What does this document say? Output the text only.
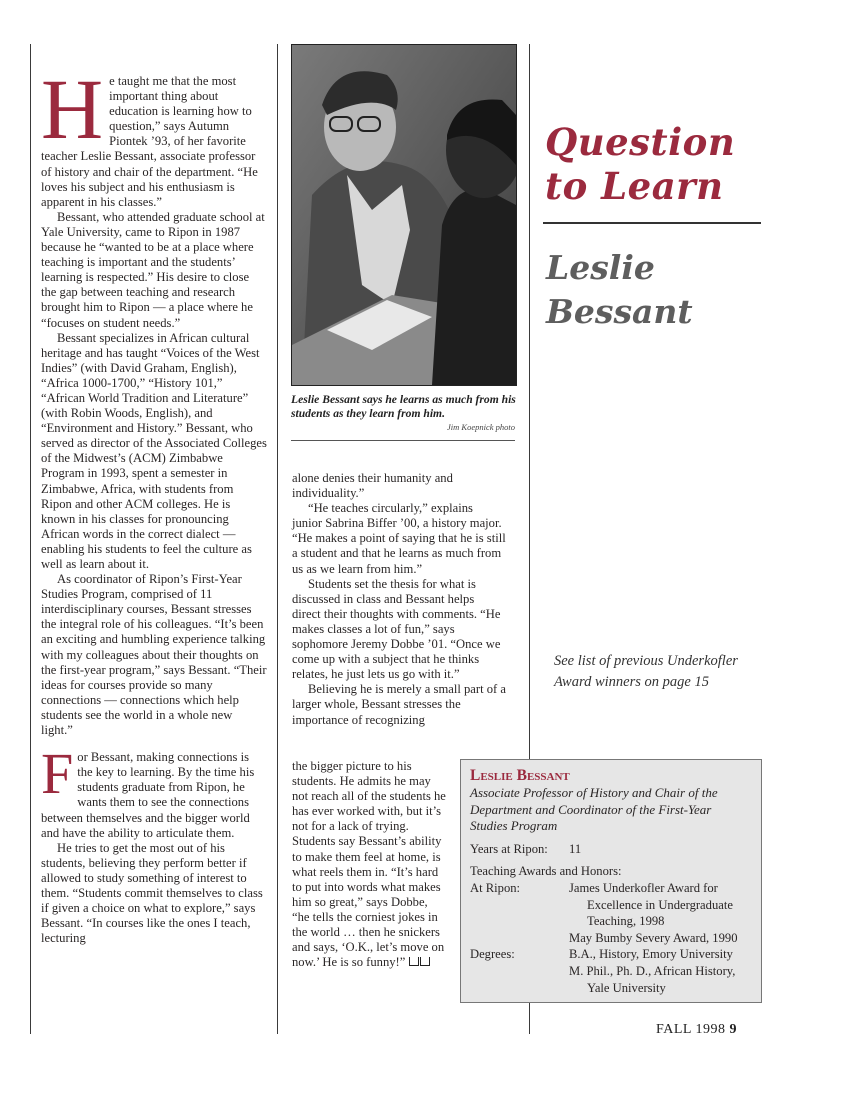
He taught me that the most important thing about education is learning how to question,” says Autumn Piontek ’93, of her favorite teacher Leslie Bessant, associate professor of history and chair of the department. “He loves his subject and his enthusiasm is apparent in his classes.”

Bessant, who attended graduate school at Yale University, came to Ripon in 1987 because he “wanted to be at a place where teaching is important and the students’ learning is respected.” His desire to close the gap between teaching and research brought him to Ripon — a place where he “focuses on student needs.”

Bessant specializes in African cultural heritage and has taught “Voices of the West Indies” (with David Graham, English), “Africa 1000-1700,” “History 101,” “African World Tradition and Literature” (with Robin Woods, English), and “Environment and History.” Bessant, who served as director of the Associated Colleges of the Midwest’s (ACM) Zimbabwe Program in 1993, spent a semester in Zimbabwe, Africa, with students from Ripon and other ACM colleges. He is known in his classes for pronouncing African words in the correct dialect — enabling his students to feel the culture as well as learn about it.

As coordinator of Ripon’s First-Year Studies Program, comprised of 11 interdisciplinary courses, Bessant stresses the integral role of his colleagues. “It’s been an exciting and humbling experience talking with my colleagues about their thoughts on the first-year program,” says Bessant. “Their ideas for courses provide so many connections — connections which help students see the world in a whole new light.”

For Bessant, making connections is the key to learning. By the time his students graduate from Ripon, he wants them to see the connections between themselves and the bigger world and have the ability to articulate them.

He tries to get the most out of his students, believing they perform better if allowed to study something of interest to them. “Students commit themselves to class if given a choice on what to explore,” says Bessant. “In courses like the ones I teach, lecturing

Leslie Bessant says he learns as much from his students as they learn from him.
Jim Koepnick photo

alone denies their humanity and individuality.”

“He teaches circularly,” explains junior Sabrina Biffer ’00, a history major. “He makes a point of saying that he is still a student and that he learns as much from us as we learn from him.”

Students set the thesis for what is discussed in class and Bessant helps direct their thoughts with comments. “He makes classes a lot of fun,” says sophomore Jeremy Dobbe ’01. “Once we come up with a subject that he thinks relates, he just lets us go with it.”

Believing he is merely a small part of a larger whole, Bessant stresses the importance of recognizing

the bigger picture to his students. He admits he may not reach all of the students he has ever worked with, but it’s not for a lack of trying. Students say Bessant’s ability to make them feel at home, is what reels them in. “It’s hard to put into words what makes him so great,” says Dobbe, “he tells the corniest jokes in the world … then he snickers and says, ‘O.K., let’s move on now.’ He is so funny!”

Question
to Learn
Leslie
Bessant
See list of previous Underkofler Award winners on page 15
Leslie Bessant
Associate Professor of History and Chair of the Department and Coordinator of the First-Year Studies Program
Years at Ripon:	11
Teaching Awards and Honors:
At Ripon:	James Underkofler Award for Excellence in Undergraduate Teaching, 1998
May Bumby Severy Award, 1990
Degrees:	B.A., History, Emory University
M. Phil., Ph. D., African History, Yale University
FALL 1998 9
